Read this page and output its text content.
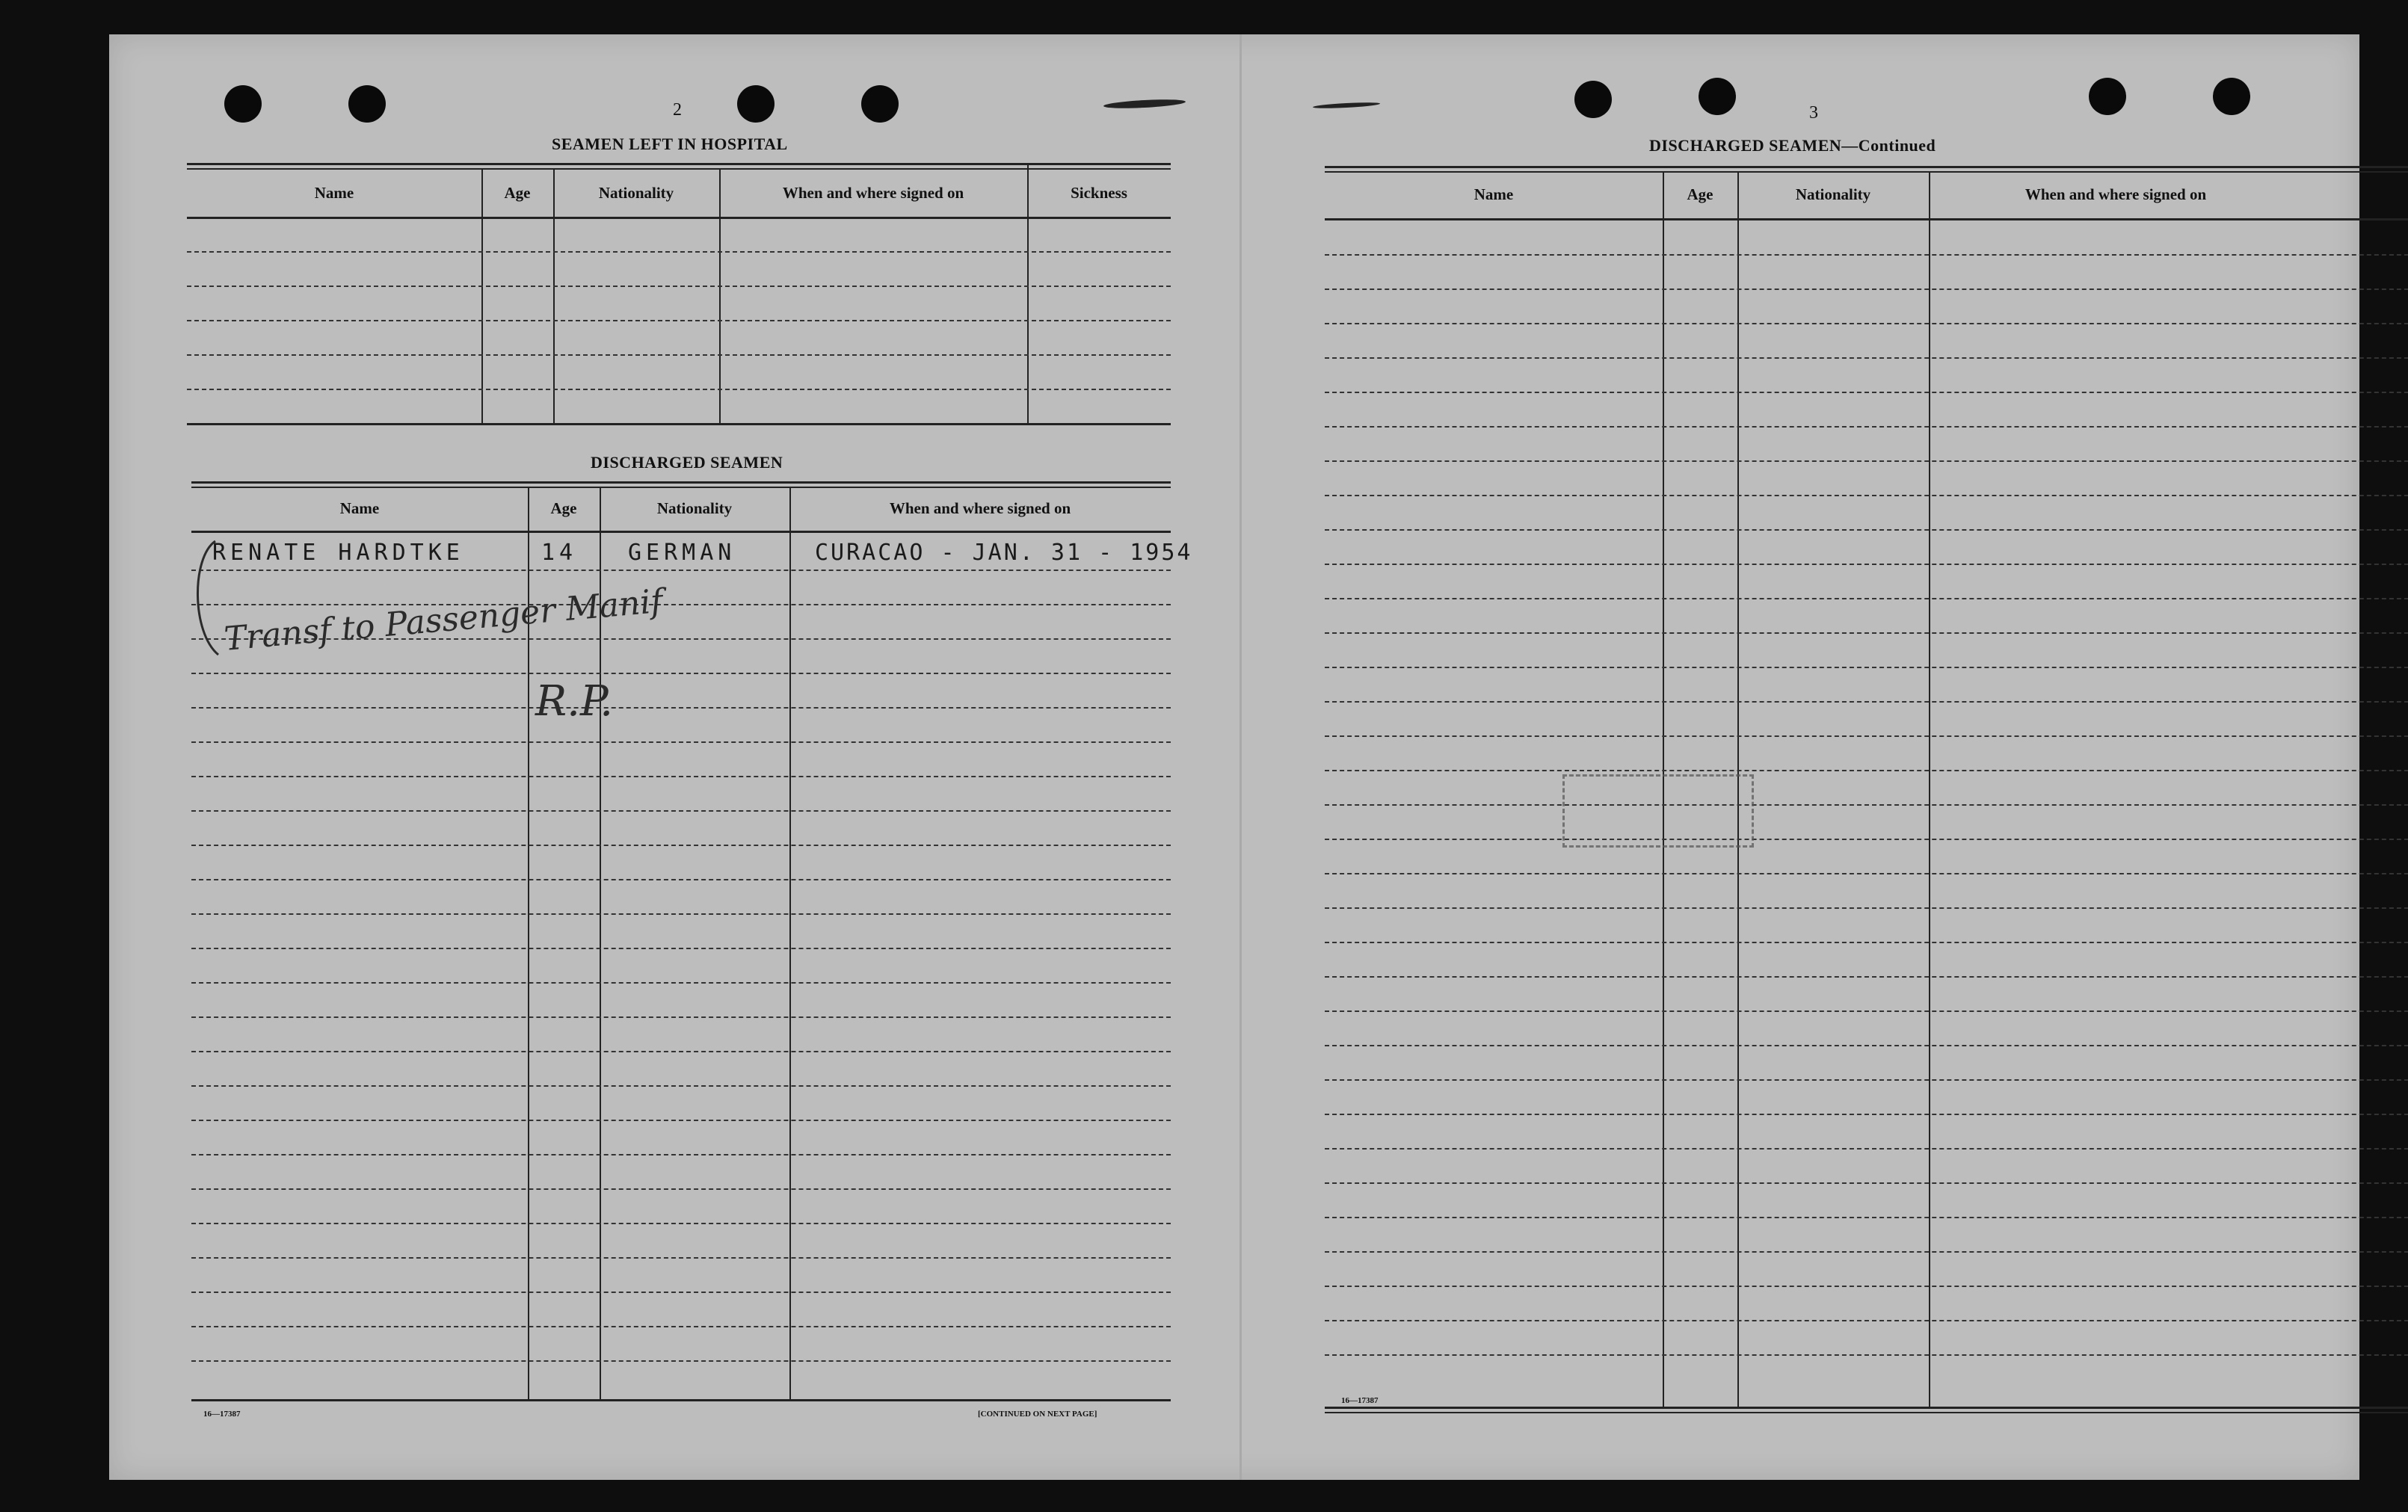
2
SEAMEN LEFT IN HOSPITAL
Name	Age	Nationality	When and where signed on	Sickness
DISCHARGED SEAMEN
Name	Age	Nationality	When and where signed on
RENATE HARDTKE	14 GERMAN	CURACAO - JAN. 31 - 1954
Transf to Passenger Manif
R.P.
16—17387	[CONTINUED ON NEXT PAGE]
3
DISCHARGED SEAMEN—Continued
Name	Age	Nationality	When and where signed on
16—17387
